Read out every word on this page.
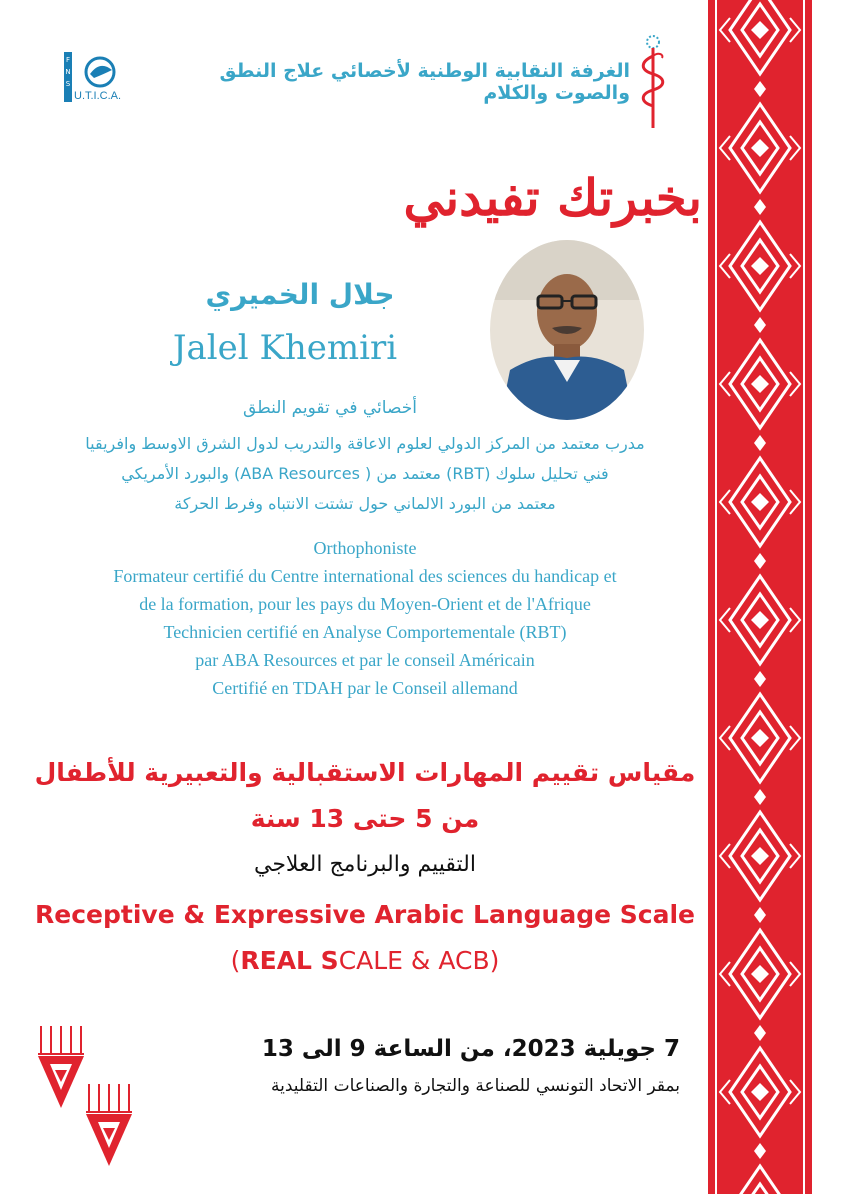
F
N
S
U.T.I.C.A.
الغرفة النقابية الوطنية لأخصائي علاج النطق والصوت والكلام
بخبرتك تفيدني
جلال الخميري
Jalel Khemiri
أخصائي في تقويم النطق
مدرب معتمد من المركز الدولي لعلوم الاعاقة والتدريب لدول الشرق الاوسط وافريقيا
فني تحليل سلوك (RBT) معتمد من ( ABA Resources) والبورد الأمريكي
معتمد من البورد الالماني حول تشتت الانتباه وفرط الحركة
Orthophoniste
Formateur certifié du Centre international des sciences du handicap et
de la formation, pour les pays du Moyen-Orient et de l'Afrique
Technicien certifié en Analyse Comportementale (RBT)
par ABA Resources et par le conseil Américain
Certifié en TDAH par le Conseil allemand
مقياس تقييم المهارات الاستقبالية والتعبيرية للأطفال
من 5 حتى 13 سنة
التقييم والبرنامج العلاجي
Receptive & Expressive Arabic Language Scale
(REAL SCALE & ACB)
7 جويلية 2023، من الساعة 9 الى 13
بمقر الاتحاد التونسي للصناعة والتجارة والصناعات التقليدية
